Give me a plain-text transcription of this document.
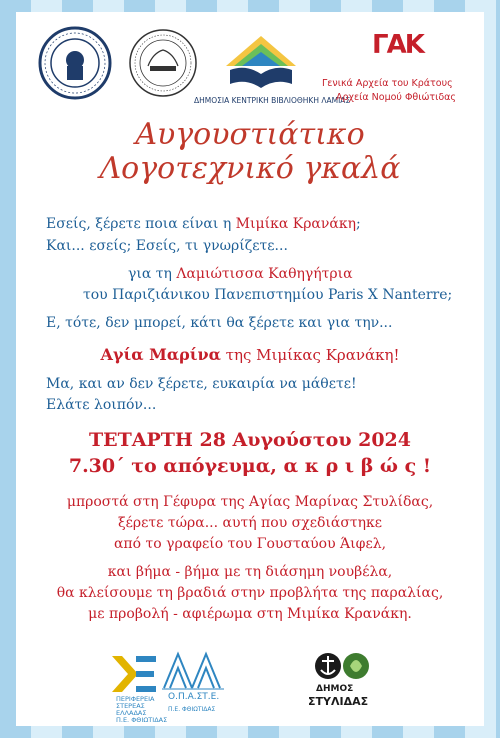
ΔΗΜΟΣΙΑ ΚΕΝΤΡΙΚΗ ΒΙΒΛΙΟΘΗΚΗ ΛΑΜΙΑΣ
ΓΑΚ
Γενικά Αρχεία του Κράτους
Αρχεία Νομού Φθιώτιδας
Αυγουστιάτικο
Λογοτεχνικό γκαλά
Εσείς, ξέρετε ποια είναι η Μιμίκα Κρανάκη;
Και... εσείς; Εσείς, τι γνωρίζετε...
για τη Λαμιώτισσα Καθηγήτρια
του Παριζιάνικου Πανεπιστημίου Paris X Nanterre;
Ε, τότε, δεν μπορεί, κάτι θα ξέρετε και για την...
Αγία Μαρίνα της Μιμίκας Κρανάκη!
Μα, και αν δεν ξέρετε, ευκαιρία να μάθετε!
Ελάτε λοιπόν...
ΤΕΤΑΡΤΗ 28 Αυγούστου 2024
7.30΄ το απόγευμα, α κ ρ ι β ώ ς !
μπροστά στη Γέφυρα της Αγίας Μαρίνας Στυλίδας,
ξέρετε τώρα... αυτή που σχεδιάστηκε
από το γραφείο του Γουσταύου Άιφελ,
και βήμα - βήμα με τη διάσημη νουβέλα,
θα κλείσουμε τη βραδιά στην προβλήτα της παραλίας,
με προβολή - αφιέρωμα στη Μιμίκα Κρανάκη.
ΠΕΡΙΦΕΡΕΙΑ
ΣΤΕΡΕΑΣ
ΕΛΛΑΔΑΣ
Π.Ε. ΦΘΙΩΤΙΔΑΣ
Ο.Π.Α.ΣΤ.Ε.
Π.Ε. ΦΘΙΩΤΙΔΑΣ
ΔΗΜΟΣ
ΣΤΥΛΙΔΑΣ
